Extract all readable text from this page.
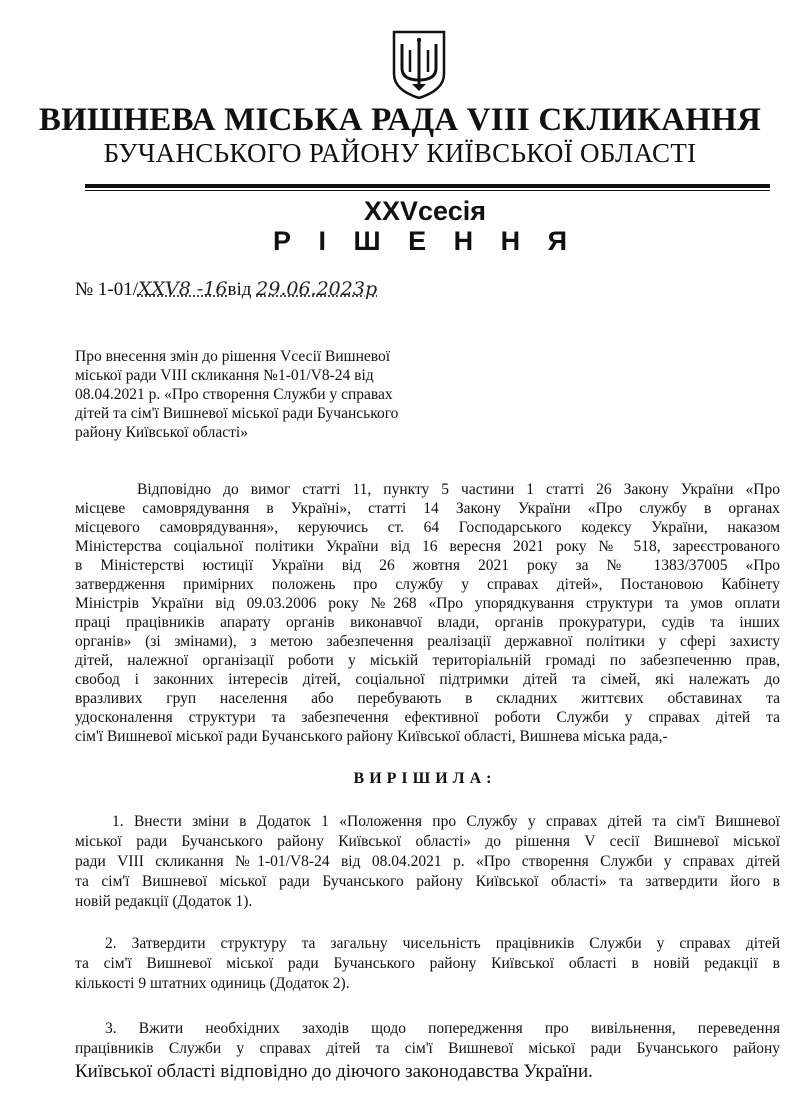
ВИШНЕВА МІСЬКА РАДА VIII СКЛИКАННЯ
БУЧАНСЬКОГО РАЙОНУ КИЇВСЬКОЇ ОБЛАСТІ
XXVсесія
Р І Ш Е Н Н Я
№ 1-01/XXV8 -16від 29.06.2023р
Про внесення змін до рішення Vсесії Вишневої
міської ради VIII скликання №1-01/V8-24 від
08.04.2021 р. «Про створення Служби у справах
дітей та сім'ї Вишневої міської ради Бучанського
району Київської області»
Відповідно до вимог статті 11, пункту 5 частини 1 статті 26 Закону України «Про
місцеве самоврядування в Україні», статті 14 Закону України «Про службу в органах
місцевого самоврядування», керуючись ст. 64 Господарського кодексу України, наказом
Міністерства соціальної політики України від 16 вересня 2021 року № 518, зареєстрованого
в Міністерстві юстиції України від 26 жовтня 2021 року за № 1383/37005 «Про
затвердження примірних положень про службу у справах дітей», Постановою Кабінету
Міністрів України від 09.03.2006 року №268 «Про упорядкування структури та умов оплати
праці працівників апарату органів виконавчої влади, органів прокуратури, судів та інших
органів» (зі змінами), з метою забезпечення реалізації державної політики у сфері захисту
дітей, належної організації роботи у міській територіальній громаді по забезпеченню прав,
свобод і законних інтересів дітей, соціальної підтримки дітей та сімей, які належать до
вразливих груп населення або перебувають в складних життєвих обставинах та
удосконалення структури та забезпечення ефективної роботи Служби у справах дітей та
сім'ї Вишневої міської ради Бучанського району Київської області, Вишнева міська рада,-
ВИРІШИЛА:
1. Внести зміни в Додаток 1 «Положення про Службу у справах дітей та сім'ї Вишневої
міської ради Бучанського району Київської області» до рішення V сесії Вишневої міської
ради VIII скликання №1-01/V8-24 від 08.04.2021 р. «Про створення Служби у справах дітей
та сім'ї Вишневої міської ради Бучанського району Київської області» та затвердити його в
новій редакції (Додаток 1).
2. Затвердити структуру та загальну чисельність працівників Служби у справах дітей
та сім'ї Вишневої міської ради Бучанського району Київської області в новій редакції в
кількості 9 штатних одиниць (Додаток 2).
3. Вжити необхідних заходів щодо попередження про вивільнення, переведення
працівників Служби у справах дітей та сім'ї Вишневої міської ради Бучанського району
Київської області відповідно до діючого законодавства України.
